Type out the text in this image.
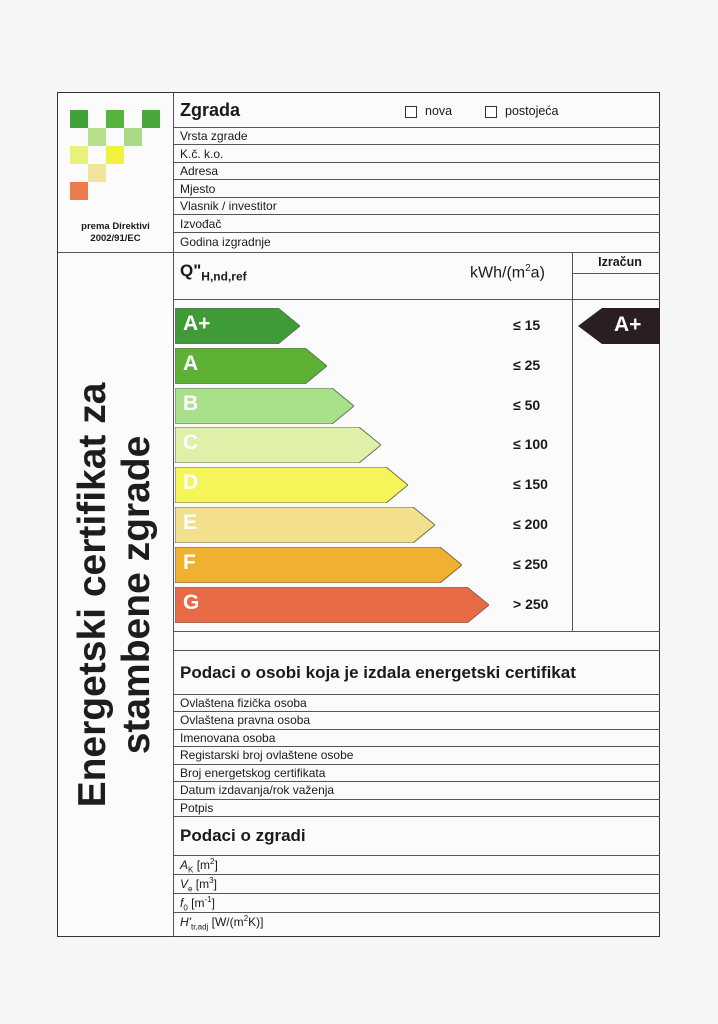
prema Direktivi
2002/91/EC
Energetski certifikat za stambene zgrade
Zgrada	nova	postojeća
Vrsta zgrade
K.č. k.o.
Adresa
Mjesto
Vlasnik / investitor
Izvođač
Godina izgradnje
$Q"_{H,nd,ref}$	kWh/$(m^2a)$
Izračun
A+	≤ 15
A	≤ 25
B	≤ 50
C	≤ 100
D	≤ 150
E	≤ 200
F	≤ 250
G	> 250
A+
Podaci o osobi koja je izdala energetski certifikat
Ovlaštena fizička osoba
Ovlaštena pravna osoba
Imenovana osoba
Registarski broj ovlaštene osobe
Broj energetskog certifikata
Datum izdavanja/rok važenja
Potpis
Podaci o zgradi
$A_K$ $[m^2]$
$V_e$ $[m^3]$
$f_0$ $[m^{-1}]$
$H'_{tr,adj}$ $[W/(m^2K)]$
